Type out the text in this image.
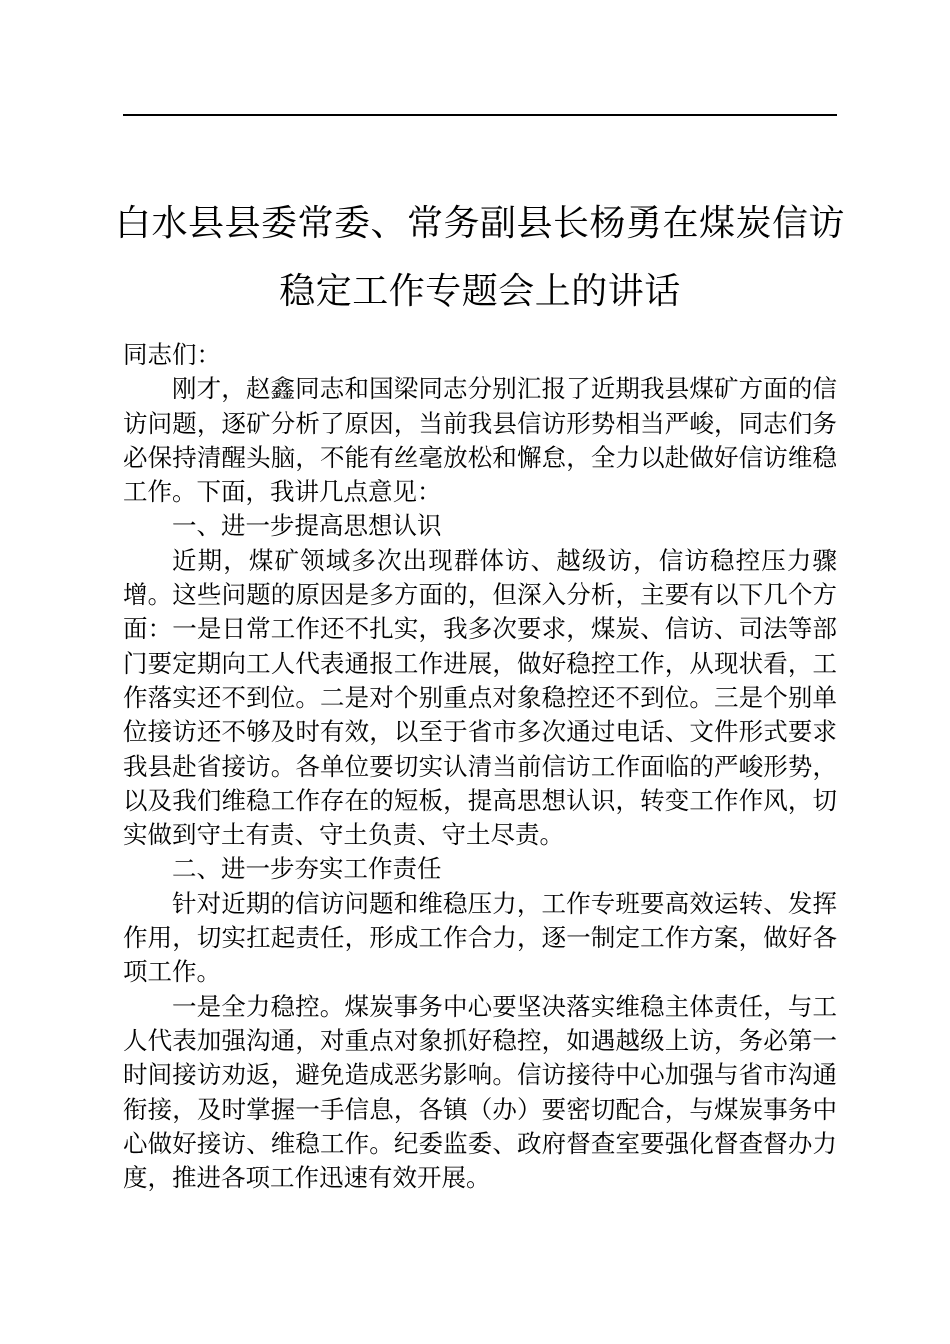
白水县县委常委、常务副县长杨勇在煤炭信访
稳定工作专题会上的讲话

同志们：

刚才，赵鑫同志和国梁同志分别汇报了近期我县煤矿方面的信访问题，逐矿分析了原因，当前我县信访形势相当严峻，同志们务必保持清醒头脑，不能有丝毫放松和懈怠，全力以赴做好信访维稳工作。下面，我讲几点意见：

一、进一步提高思想认识

近期，煤矿领域多次出现群体访、越级访，信访稳控压力骤增。这些问题的原因是多方面的，但深入分析，主要有以下几个方面：一是日常工作还不扎实，我多次要求，煤炭、信访、司法等部门要定期向工人代表通报工作进展，做好稳控工作，从现状看，工作落实还不到位。二是对个别重点对象稳控还不到位。三是个别单位接访还不够及时有效，以至于省市多次通过电话、文件形式要求我县赴省接访。各单位要切实认清当前信访工作面临的严峻形势，以及我们维稳工作存在的短板，提高思想认识，转变工作作风，切实做到守土有责、守土负责、守土尽责。

二、进一步夯实工作责任

针对近期的信访问题和维稳压力，工作专班要高效运转、发挥作用，切实扛起责任，形成工作合力，逐一制定工作方案，做好各项工作。

一是全力稳控。煤炭事务中心要坚决落实维稳主体责任，与工人代表加强沟通，对重点对象抓好稳控，如遇越级上访，务必第一时间接访劝返，避免造成恶劣影响。信访接待中心加强与省市沟通衔接，及时掌握一手信息，各镇（办）要密切配合，与煤炭事务中心做好接访、维稳工作。纪委监委、政府督查室要强化督查督办力度，推进各项工作迅速有效开展。
